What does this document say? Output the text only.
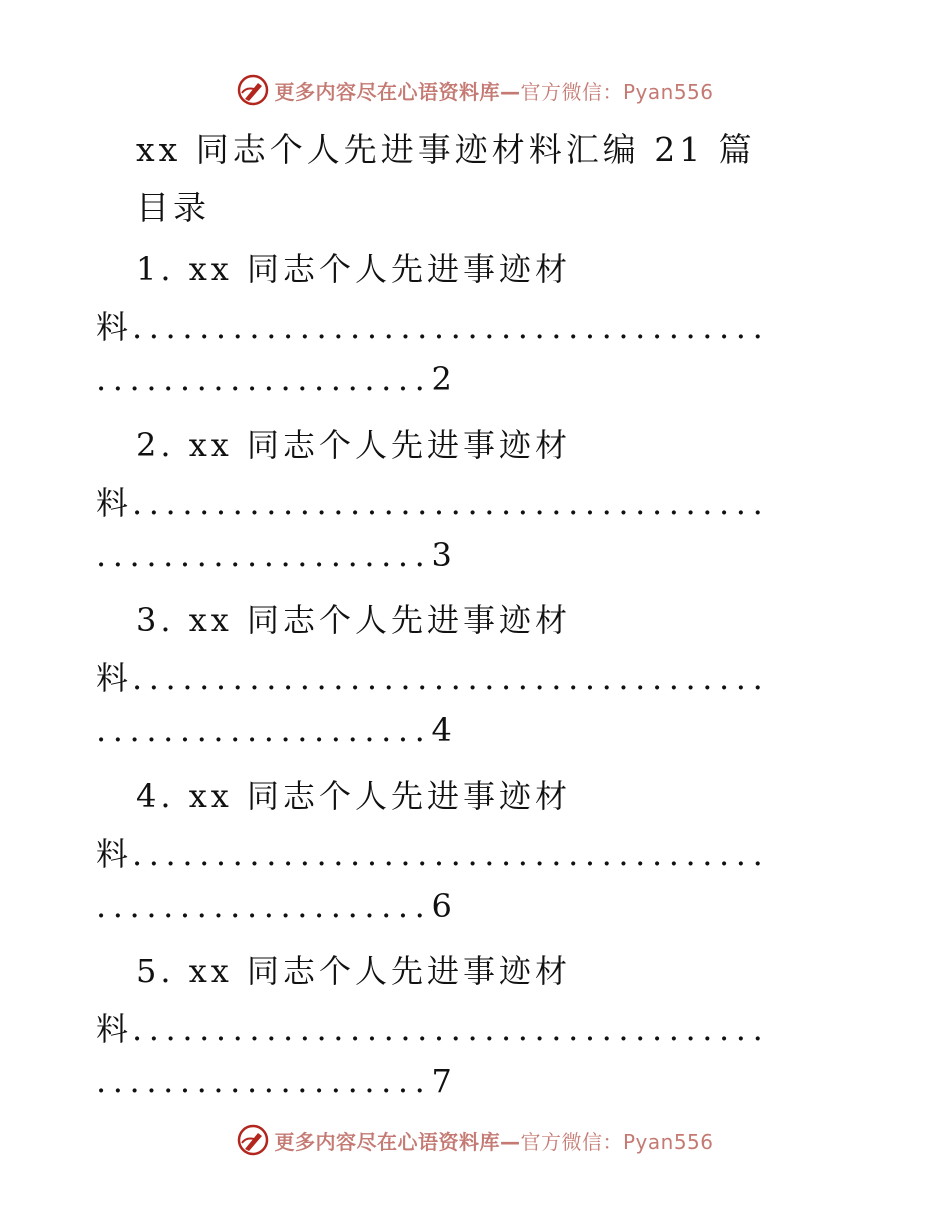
更多内容尽在心语资料库—官方微信：Pyan556
xx 同志个人先进事迹材料汇编 21 篇
目录
1. xx 同志个人先进事迹材
料......................................
....................2
2. xx 同志个人先进事迹材
料......................................
....................3
3. xx 同志个人先进事迹材
料......................................
....................4
4. xx 同志个人先进事迹材
料......................................
....................6
5. xx 同志个人先进事迹材
料......................................
....................7
更多内容尽在心语资料库—官方微信：Pyan556
